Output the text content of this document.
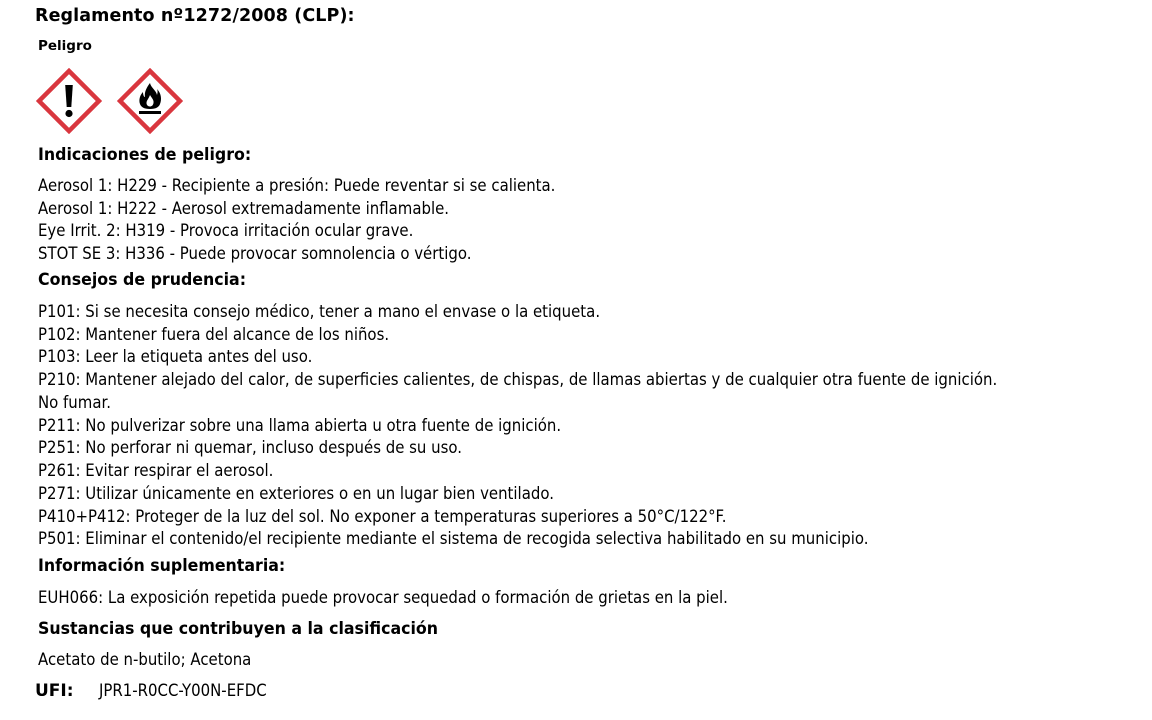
Reglamento nº1272/2008 (CLP):
Peligro
Indicaciones de peligro:
Aerosol 1: H229 - Recipiente a presión: Puede reventar si se calienta.
Aerosol 1: H222 - Aerosol extremadamente inflamable.
Eye Irrit. 2: H319 - Provoca irritación ocular grave.
STOT SE 3: H336 - Puede provocar somnolencia o vértigo.
Consejos de prudencia:
P101: Si se necesita consejo médico, tener a mano el envase o la etiqueta.
P102: Mantener fuera del alcance de los niños.
P103: Leer la etiqueta antes del uso.
P210: Mantener alejado del calor, de superficies calientes, de chispas, de llamas abiertas y de cualquier otra fuente de ignición.
No fumar.
P211: No pulverizar sobre una llama abierta u otra fuente de ignición.
P251: No perforar ni quemar, incluso después de su uso.
P261: Evitar respirar el aerosol.
P271: Utilizar únicamente en exteriores o en un lugar bien ventilado.
P410+P412: Proteger de la luz del sol. No exponer a temperaturas superiores a 50°C/122°F.
P501: Eliminar el contenido/el recipiente mediante el sistema de recogida selectiva habilitado en su municipio.
Información suplementaria:
EUH066: La exposición repetida puede provocar sequedad o formación de grietas en la piel.
Sustancias que contribuyen a la clasificación
Acetato de n-butilo; Acetona
UFI:	JPR1-R0CC-Y00N-EFDC
